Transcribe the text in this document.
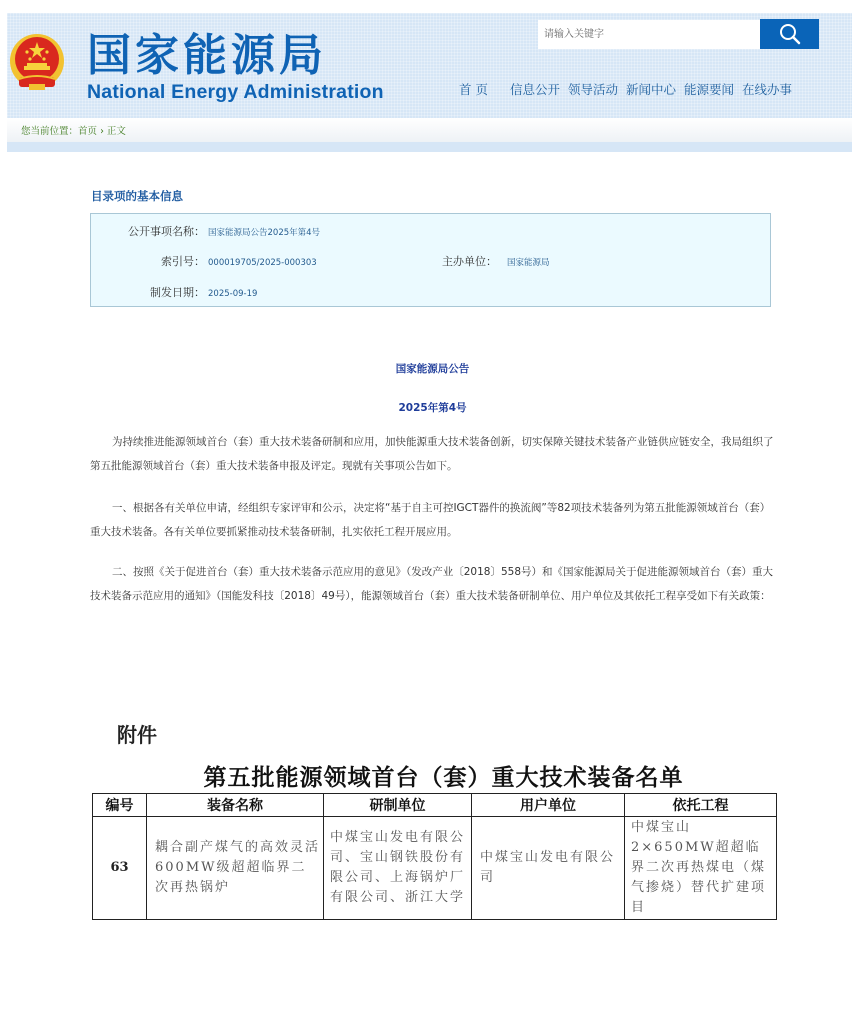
国家能源局
National Energy Administration
请输入关键字	首 页 信息公开 领导活动 新闻中心 能源要闻 在线办事
您当前位置：首页 › 正文
目录项的基本信息
公开事项名称： 国家能源局公告2025年第4号
索引号： 000019705/2025-000303	主办单位： 国家能源局
制发日期： 2025-09-19
国家能源局公告
2025年第4号

为持续推进能源领域首台（套）重大技术装备研制和应用，加快能源重大技术装备创新，切实保障关键技术装备产业链供应链安全，我局组织了第五批能源领域首台（套）重大技术装备申报及评定。现就有关事项公告如下。

一、根据各有关单位申请，经组织专家评审和公示，决定将“基于自主可控IGCT器件的换流阀”等82项技术装备列为第五批能源领域首台（套）重大技术装备。各有关单位要抓紧推动技术装备研制，扎实依托工程开展应用。

二、按照《关于促进首台（套）重大技术装备示范应用的意见》（发改产业〔2018〕558号）和《国家能源局关于促进能源领域首台（套）重大技术装备示范应用的通知》（国能发科技〔2018〕49号），能源领域首台（套）重大技术装备研制单位、用户单位及其依托工程享受如下有关政策：

附件
第五批能源领域首台（套）重大技术装备名单
编号	装备名称	研制单位	用户单位	依托工程
63	耦合副产煤气的高效灵活600MW级超超临界二次再热锅炉	中煤宝山发电有限公司、宝山钢铁股份有限公司、上海锅炉厂有限公司、浙江大学	中煤宝山发电有限公司	中煤宝山2×650MW超超临界二次再热煤电（煤气掺烧）替代扩建项目
